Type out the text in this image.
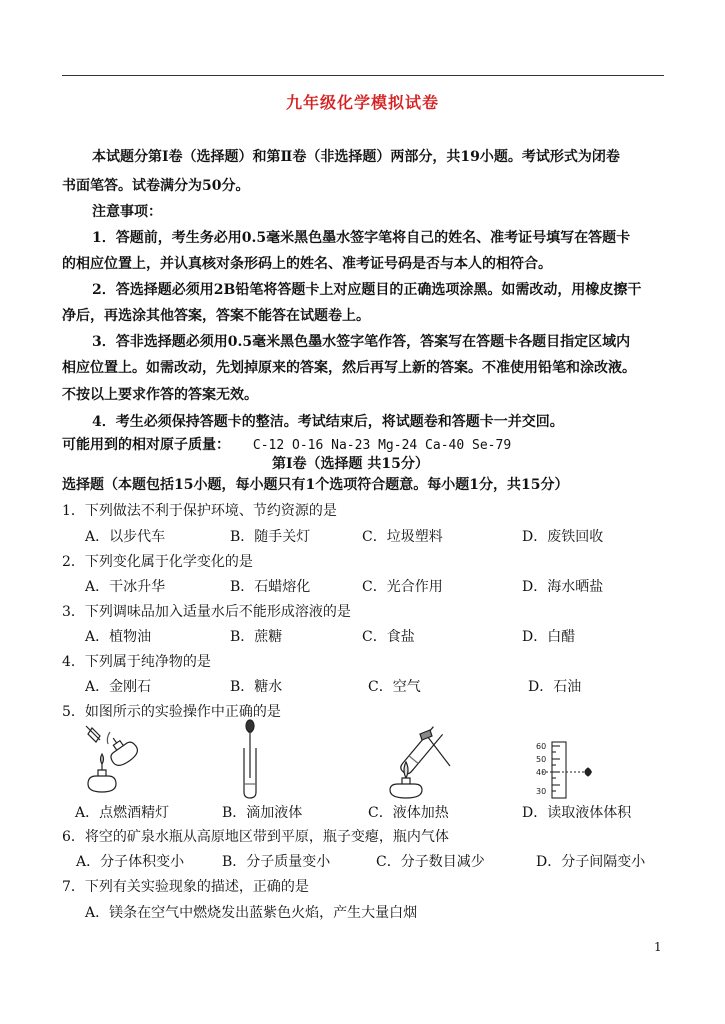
九年级化学模拟试卷
本试题分第Ⅰ卷（选择题）和第Ⅱ卷（非选择题）两部分，共19小题。考试形式为闭卷
书面笔答。试卷满分为50分。
注意事项：
1．答题前，考生务必用0.5毫米黑色墨水签字笔将自己的姓名、准考证号填写在答题卡
的相应位置上，并认真核对条形码上的姓名、准考证号码是否与本人的相符合。
2．答选择题必须用2B铅笔将答题卡上对应题目的正确选项涂黑。如需改动，用橡皮擦干
净后，再选涂其他答案，答案不能答在试题卷上。
3．答非选择题必须用0.5毫米黑色墨水签字笔作答，答案写在答题卡各题目指定区域内
相应位置上。如需改动，先划掉原来的答案，然后再写上新的答案。不准使用铅笔和涂改液。
不按以上要求作答的答案无效。
4．考生必须保持答题卡的整洁。考试结束后，将试题卷和答题卡一并交回。
可能用到的相对原子质量： C-12 O-16 Na-23 Mg-24 Ca-40 Se-79
第Ⅰ卷（选择题 共15分）
选择题（本题包括15小题，每小题只有1个选项符合题意。每小题1分，共15分）
1．下列做法不利于保护环境、节约资源的是
A．以步代车	B．随手关灯	C．垃圾塑料	D．废铁回收
2．下列变化属于化学变化的是
A．干冰升华	B．石蜡熔化	C．光合作用	D．海水晒盐
3．下列调味品加入适量水后不能形成溶液的是
A．植物油	B．蔗糖	C．食盐	D．白醋
4．下列属于纯净物的是
A．金刚石	B．糖水	C．空气	D．石油
5．如图所示的实验操作中正确的是
A．点燃酒精灯	B．滴加液体	C．液体加热
60
50
40
30
D．读取液体体积
6．将空的矿泉水瓶从高原地区带到平原，瓶子变瘪，瓶内气体
A．分子体积变小	B．分子质量变小	C．分子数目减少	D．分子间隔变小
7．下列有关实验现象的描述，正确的是
A．镁条在空气中燃烧发出蓝紫色火焰，产生大量白烟
1
